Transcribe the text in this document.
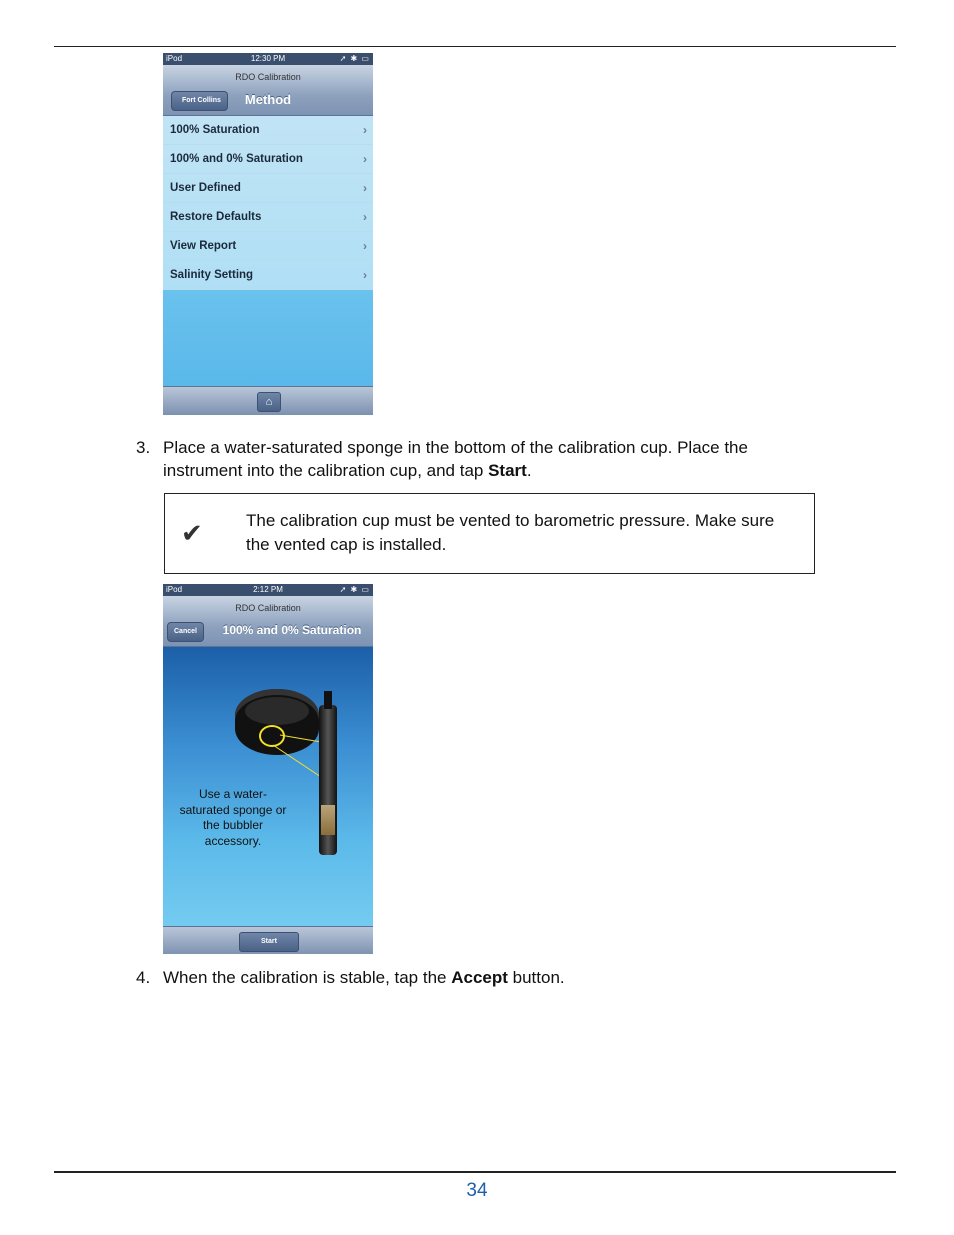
iPod	12:30 PM	➚ ✱ ▭
RDO Calibration
Fort Collins	Method
100% Saturation	›
100% and 0% Saturation	›
User Defined	›
Restore Defaults	›
View Report	›
Salinity Setting	›
⌂
3. Place a water-saturated sponge in the bottom of the calibration cup. Place the instrument into the calibration cup, and tap Start.
✔	The calibration cup must be vented to barometric pressure. Make sure the vented cap is installed.
iPod	2:12 PM	➚ ✱ ▭
RDO Calibration
Cancel	100% and 0% Saturation
Use a water-saturated sponge or the bubbler accessory.
Start
4. When the calibration is stable, tap the Accept button.
34
